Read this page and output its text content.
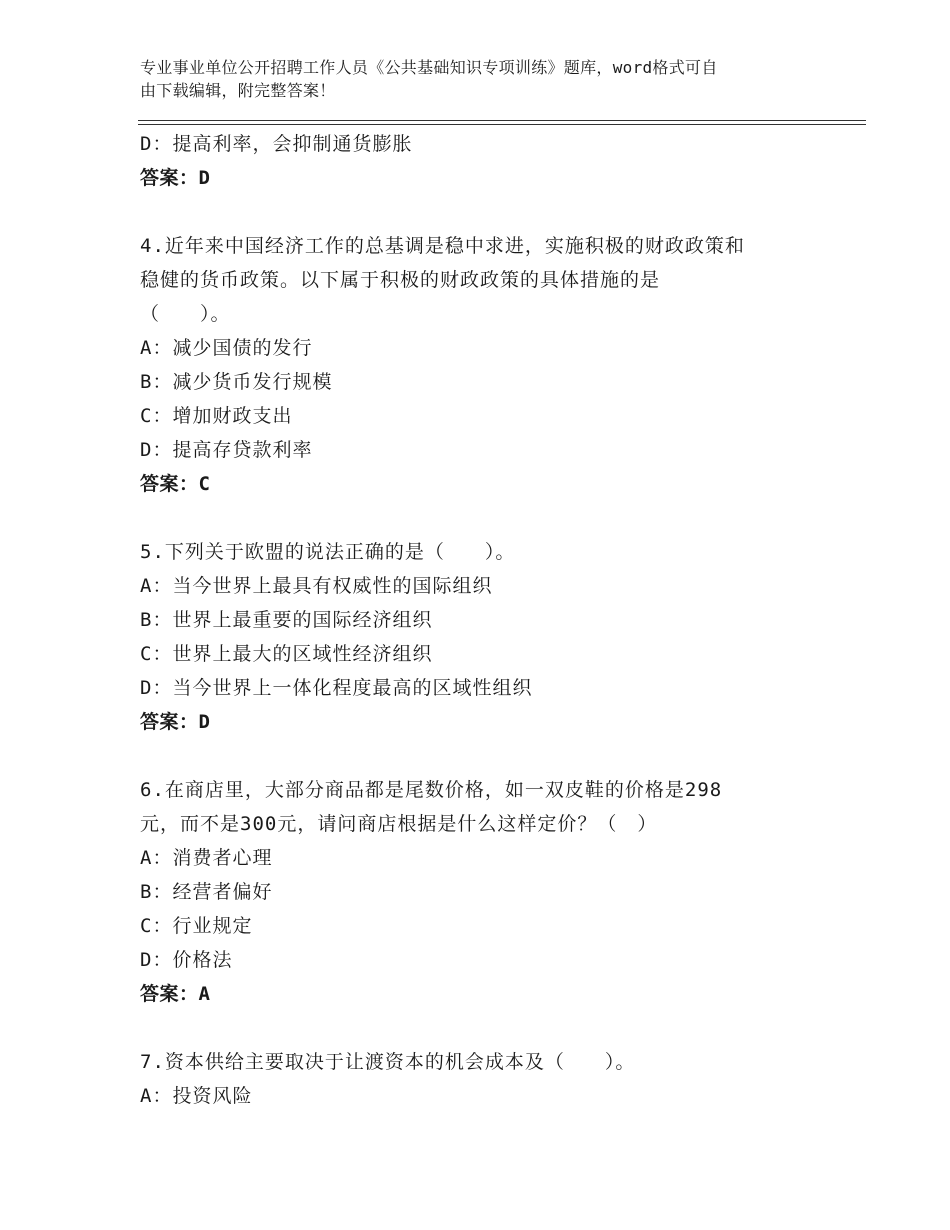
专业事业单位公开招聘工作人员《公共基础知识专项训练》题库，word格式可自
由下载编辑，附完整答案！
D：提高利率，会抑制通货膨胀
答案：D
4.近年来中国经济工作的总基调是稳中求进，实施积极的财政政策和
稳健的货币政策。以下属于积极的财政政策的具体措施的是
（　　）。
A：减少国债的发行
B：减少货币发行规模
C：增加财政支出
D：提高存贷款利率
答案：C
5.下列关于欧盟的说法正确的是（　　）。
A：当今世界上最具有权威性的国际组织
B：世界上最重要的国际经济组织
C：世界上最大的区域性经济组织
D：当今世界上一体化程度最高的区域性组织
答案：D
6.在商店里，大部分商品都是尾数价格，如一双皮鞋的价格是298
元，而不是300元，请问商店根据是什么这样定价？（　）
A：消费者心理
B：经营者偏好
C：行业规定
D：价格法
答案：A
7.资本供给主要取决于让渡资本的机会成本及（　　）。
A：投资风险
